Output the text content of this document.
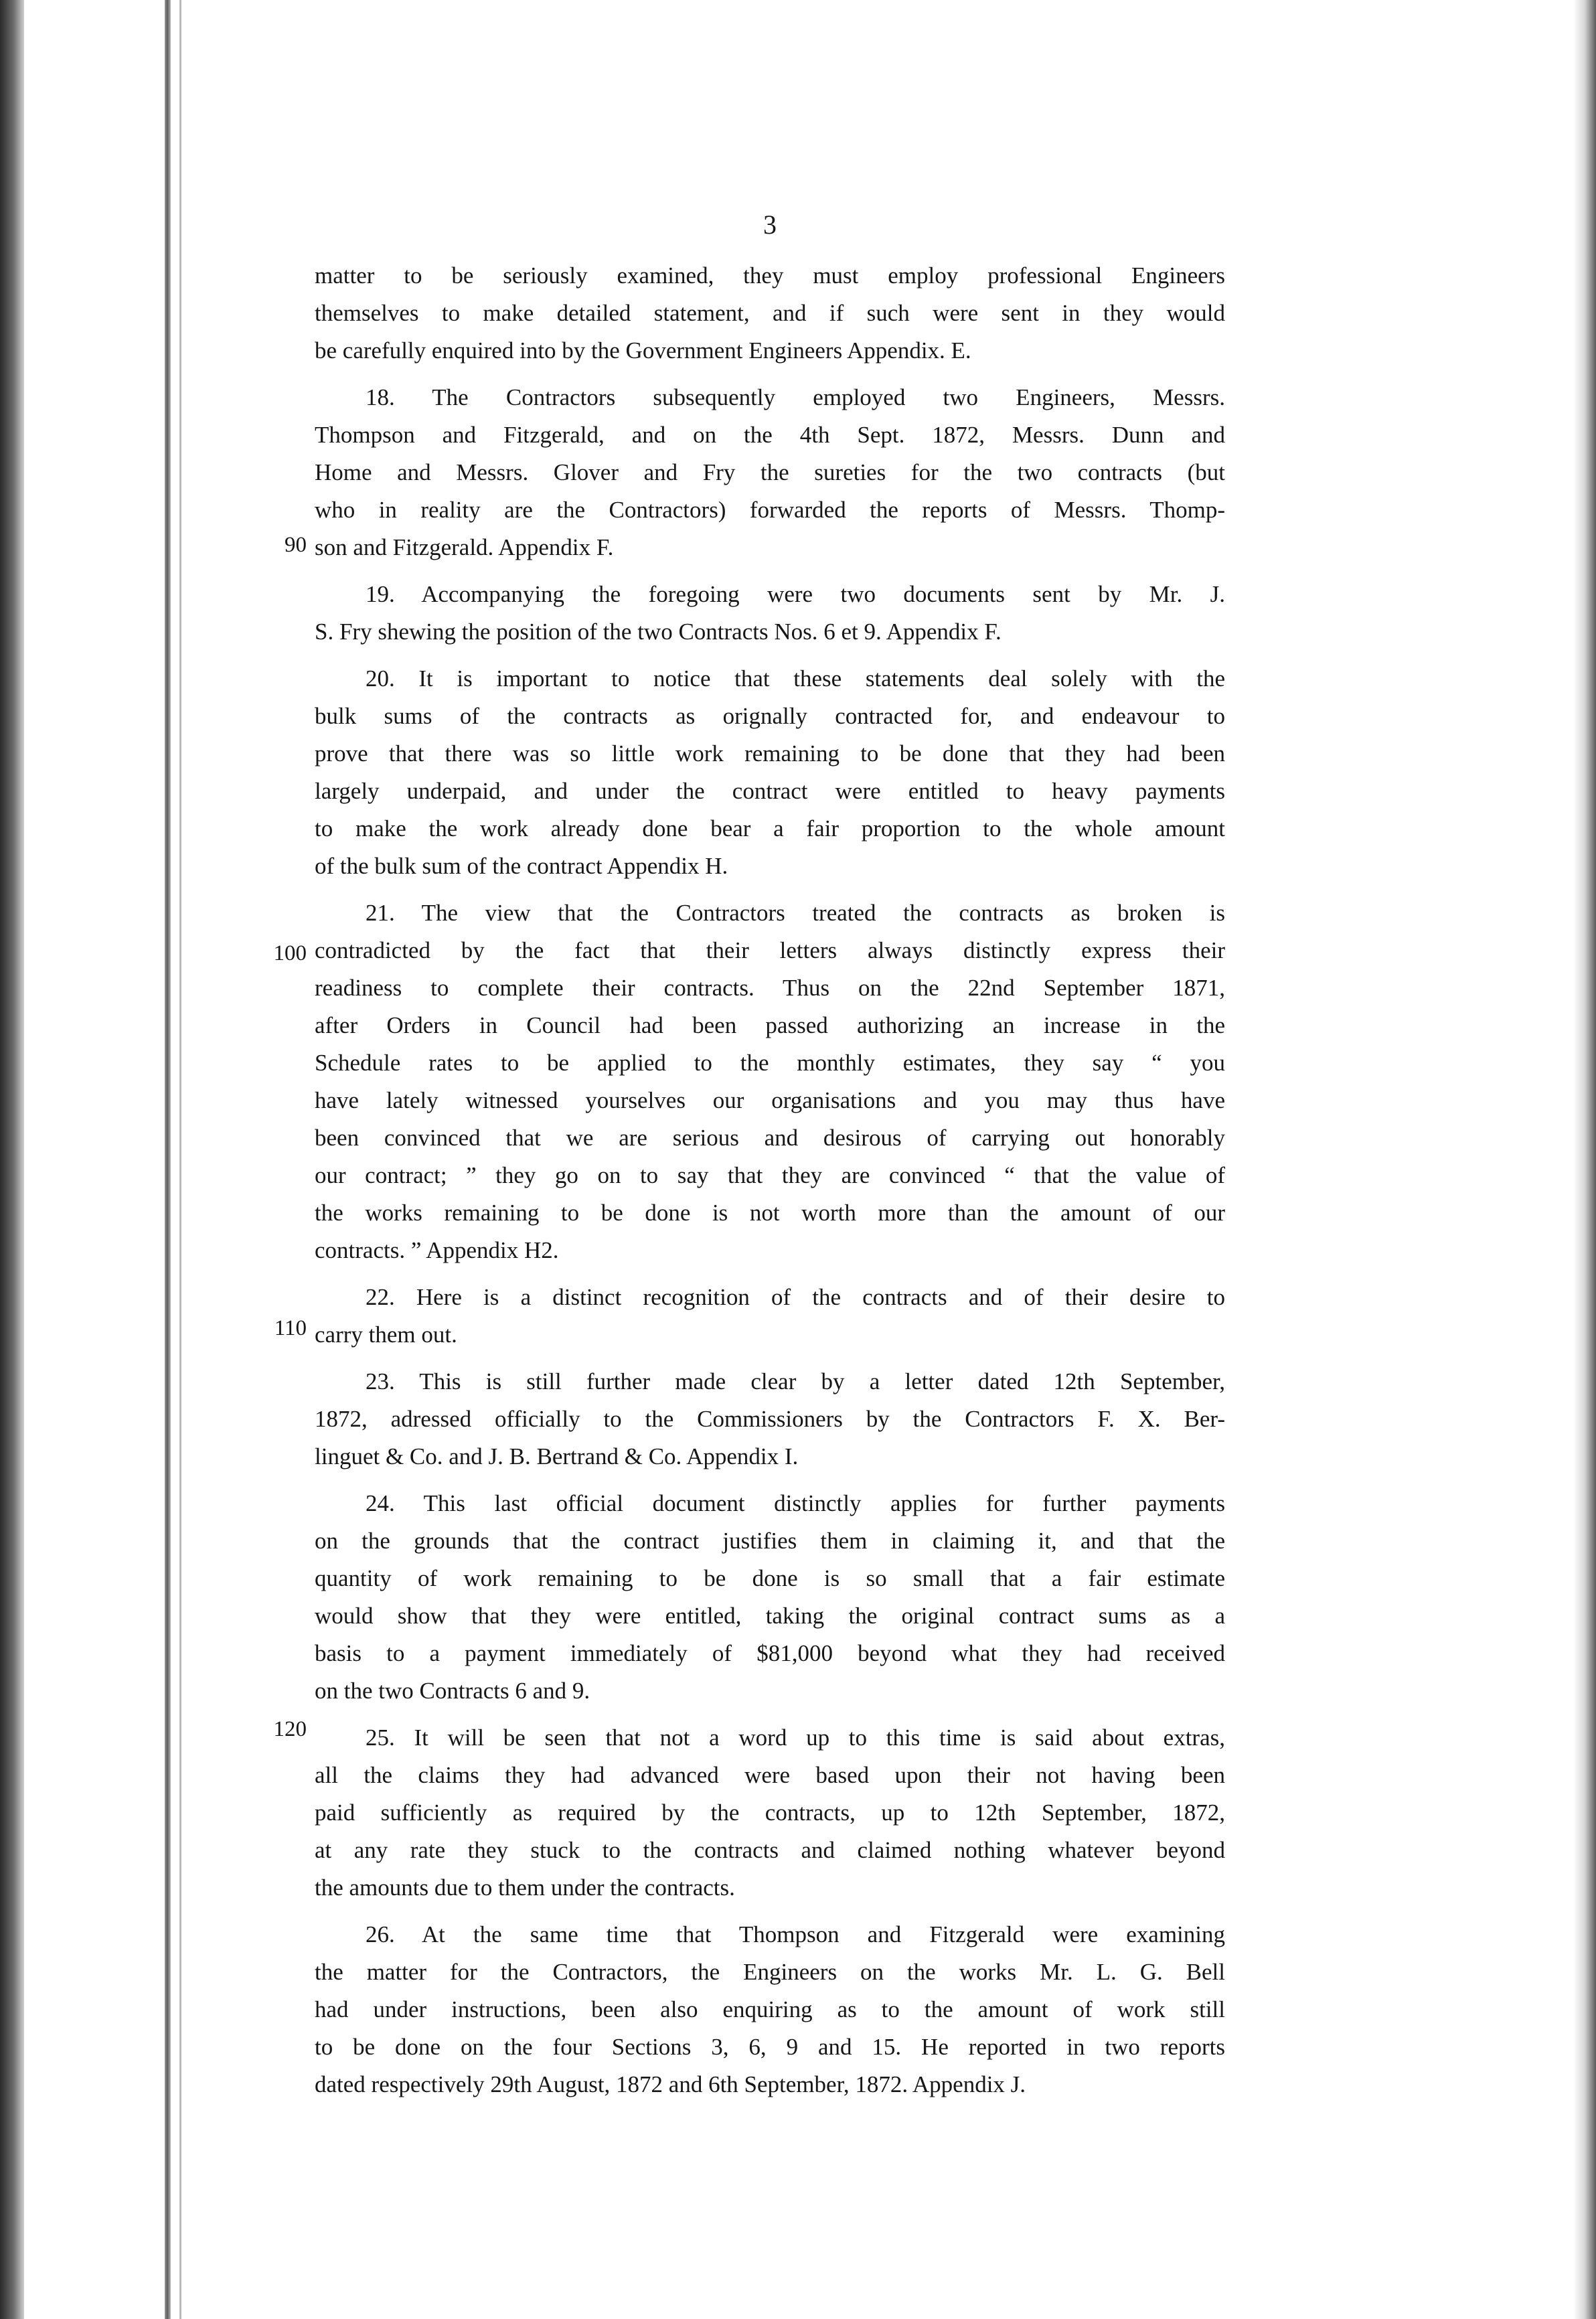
3
90
100
110
120
matter to be seriously examined, they must employ professional Engineers
themselves to make detailed statement, and if such were sent in they would
be carefully enquired into by the Government Engineers Appendix. E.
18. The Contractors subsequently employed two Engineers, Messrs.
Thompson and Fitzgerald, and on the 4th Sept. 1872, Messrs. Dunn and
Home and Messrs. Glover and Fry the sureties for the two contracts (but
who in reality are the Contractors) forwarded the reports of Messrs. Thomp-
son and Fitzgerald. Appendix F.
19. Accompanying the foregoing were two documents sent by Mr. J.
S. Fry shewing the position of the two Contracts Nos. 6 et 9. Appendix F.
20. It is important to notice that these statements deal solely with the
bulk sums of the contracts as orignally contracted for, and endeavour to
prove that there was so little work remaining to be done that they had been
largely underpaid, and under the contract were entitled to heavy payments
to make the work already done bear a fair proportion to the whole amount
of the bulk sum of the contract Appendix H.
21. The view that the Contractors treated the contracts as broken is
contradicted by the fact that their letters always distinctly express their
readiness to complete their contracts. Thus on the 22nd September 1871,
after Orders in Council had been passed authorizing an increase in the
Schedule rates to be applied to the monthly estimates, they say “ you
have lately witnessed yourselves our organisations and you may thus have
been convinced that we are serious and desirous of carrying out honorably
our contract; ” they go on to say that they are convinced “ that the value of
the works remaining to be done is not worth more than the amount of our
contracts. ” Appendix H2.
22. Here is a distinct recognition of the contracts and of their desire to
carry them out.
23. This is still further made clear by a letter dated 12th September,
1872, adressed officially to the Commissioners by the Contractors F. X. Ber-
linguet & Co. and J. B. Bertrand & Co. Appendix I.
24. This last official document distinctly applies for further payments
on the grounds that the contract justifies them in claiming it, and that the
quantity of work remaining to be done is so small that a fair estimate
would show that they were entitled, taking the original contract sums as a
basis to a payment immediately of $81,000 beyond what they had received
on the two Contracts 6 and 9.
25. It will be seen that not a word up to this time is said about extras,
all the claims they had advanced were based upon their not having been
paid sufficiently as required by the contracts, up to 12th September, 1872,
at any rate they stuck to the contracts and claimed nothing whatever beyond
the amounts due to them under the contracts.
26. At the same time that Thompson and Fitzgerald were examining
the matter for the Contractors, the Engineers on the works Mr. L. G. Bell
had under instructions, been also enquiring as to the amount of work still
to be done on the four Sections 3, 6, 9 and 15. He reported in two reports
dated respectively 29th August, 1872 and 6th September, 1872. Appendix J.
